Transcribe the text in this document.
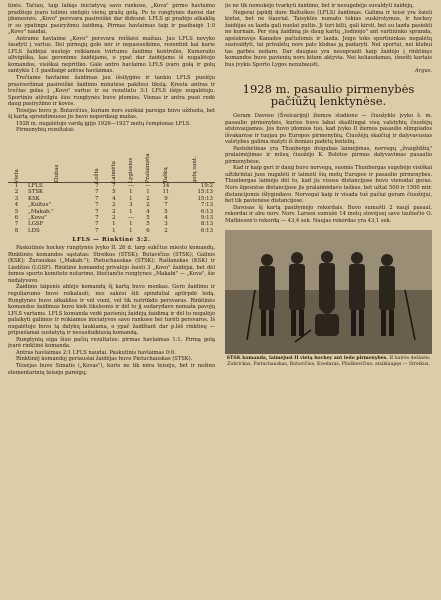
tinės. Tačiau, taip laikęs iniciatyvą savo rankose, „Kova" pirmo havlaimo pradžioje įvaro tolimu smūgiu vienų gražų golą. Po to rungtynės darosi dar įdomesnės. „Kovo" persvara pasireiškė dar didesnė. LFLS gi pradėjo atkaklią ir su ypatingu pasiryžimu žaidimą. Pirmas havlaimas taip ir pasibaigė 1:0 „Kovo" naudai.

Antrame havlaime „Kovo" persvara reiškėsi mažiau. Jau LFLS nevyko šaudyti į vartus. Del pirmųjų golo nėr ir nepasiseikimo, rezentint kai kurie LFLS žaidėjai nustojo reikiamos tvirtumo žaidimo kontrolės. Kumoraito altvigiška, kas gerenimo žaidėjams, o ypač dar žaidėjams iš nugalėtojo komandos, visiškai nepritiko. Gale antro havlaimo LFLS įvaro golą ir golų santykis 1:1 pasibaigė antras havlaimas.

Trečiame havlaime žaidimas jau išsilygino ir tankiu LFLS puolėju prasiveržimai pasireiškė žaidimo minutėse pakitėsi tikslą. Kresta antras ir trečias golas į „Kovo" vartus ir su rezultatu 3:1 LFLS išėjo nugalėtoju. Sportiniu atžvilgiu šios rungtynės buvo įdomios. Vienas ir antra pusė rodė daug pasiryžimo ir kovos.

Teisėjas buvo p. Butavičius, kuriam nors sunkiai pareigu buvo užduota, bet šį kartą sprendimuose jis buvo neperdaug mažas.

1928 m. nugalėtojo vardą įgijo 1926—1927 metų čempionas LFLS.

Pirmenybių rezultatai:

Vieta	Klubas	Lošta	Laimėta	Lygiosios	Pralaimėta	Taškų	golų sant.
1	LFLS	7	7	—	—	14	19:2
2	STSK	7	5	1	1	11	15:13
3	KSK	7	4	1	2	9	15:13
4	„Kultus"	7	2	3	2	7	7:13
5	„Makab."	7	2	1	4	5	6:13
6	„Kova"	7	2	—	5	4	9:13
7	LGSF	7	1	1	5	3	8:13
8	LDS	7	1	1	6	2	6:13
LFLS — Rinktinė 3:2.

Paskutinės hockey rungtynės įvyko II. 26 d. tarp sukčtus miesto komandų. Rinktinės komandos sąstatas: Streikus (STSK); Butavičius (STSK); Galinis (KSK); Žurauskas („Makab."); Pietuchauskas (STSK); Rašlanskas (KSK) ir Liedžius (LGSF). Rinktinė komandoj privalėjo žaisti 3 „Kovo" žaidėjai, bet dėl žemos sporto komiteto nutarimo, litečiančio rungtynes „Makabi" — „Kova", šie nedalyvavo.

Žaidimo laipsnis ablėjo komandų šį kartą buvo menkas. Gero žaidimo ir reguliarumo buvo reikalauti, nes sakėsi šili spindulial aptirpdė ledą. Rungtynės buvo atkaklios ir vėl vienl, vel tik nutrūkdo persvaras. Rinktinės komandos žaidimas buvo kiek tikslesnis ir dėl to jį sudarydavo nemaža pavojų LFLS vartams. LFLS komanda vedė pavienių žaidėjų žaidimą ir dėl to negalėjo palaikyti galimos ir reikiamos iniciatyvos savo rankose bei turėti persvaros. Iš nugalėtojo buvo tą dalykų laukiama, o ypač žaidžiant dar p.lėš rinktinę — pripuolamai sustatytą ir nesusitaikiusią komandą.

Rungtynių eiga šiuo pačių rezultatus: pirmas havlaimas 1:1. Pirmą golą įvarė rinktinė komanda.

Antras havlaimas 2:1 LFLS naudai. Paskutinis havlaimas 0:0.

Rinktinėj komandoj geriausiai žaidėjas buvo Pietuchauskas (STSK).

Teisėjas buvo Simatis („Kovas"), kuris ne tik nėra teisėju, bet ir nežino elementarinių teisėjo pareigų;

jis ne tik nemokėjo tvarkyti žaidimo, bet ir nesugebėjo suvaldyti žaidėjų.

Negerai įspūdį dare Baltuškos (LFLS) žaidimas. Galima ir teisė yra žaisti kietai, bet ne šiaurial. Taisyklės numato tokius suskirstymus, ir hockey žaidėjas su lazda gali nuolat pultis. Ji turi kilti, gali kirsti, bet su lazda pasiekti ne kurnam. Per visą žaidimą jis daug kartų „lodinėjo" ant vartininko spranda, apsiskravęs Kanados pačiulomis ir lazda. Jeigo toks sportininkas negalėtų susivaldyti, tai privalėtų nors pats klubas ją padaryti. Nel sportui, nei klubui tas garbės nedaro. Dar daugiau yra nesupranti kaip žaidėjo į rinktinęs komandos buvo pavienių nors kitam aktyvia. Nei keliaudamas, išnešti kartais bus įvykis Sporto Lygos nenubausti.

Argus.

1928 m. pasaulio pirmenybės
pačiūžų lenktynėse.

Geram Davoso (Šveicarijoj) žiemos stadione — čiuožyklo įvyko š. m. pasaulio pirmenybės, kurios buvo labai skaitlingai visų valstybių čiuožėjų atstovaujamos. Jos buvo įdomios tuo, kad įvyko II žiemos pasaulio olimpiados išvakarėse ir tuojau po Europos pirmenybių. Čiuožėjų skaičiuj ir dalyvavusias valstybes galima matyti iš žemiau padėtų lentelių.

Pastebėtinas yra Thunbergo dvigubas laimėjimas, norvegų „žvaigždžių" pralaimėjimas ir mūsų čiuožėjo K. Bolotos pirmas dalyvavimas pasaulio pirmenybėse.

Kad ir kaip geri ir daug buvo norvegų, suomis Thunbergas sugebėjo visiškai užtikrintai juos nugalėti ir laimėti šių metų Europos ir pasaulio pirmenybes. Thunbergas laimėjo dėl to, kad jis visose distancijose buvo vienodai geras. Nors ilgesnėse distancijose jis pralaimėdavo taškus, bet užtat 500 ir 1500 mtr. distancijomis išlygindavo. Norvegai kaip ir visada tuš pačiai geram čiuožėjui, bet tik pavienėse distancijose.

Davosas šį kartą pasižymėjo rekordais. Buvo sumušti 2 naují pasaul. rekordai ir abu norv. Norv. Larsen sumušė 14 metų stovėjusį savo tautiečio O. Mathiesen'o rekordą — 43,4 sek. Naujas rekordas yra 43,1 sek.

STSK komanda, laimėjusi II vietą hockey ant ledo pirmenybės. Iš kairės dešinėn: Zubrickas, Pietuchauskas, Butavičius, Kvedaras, Pliuškevičius; atsiklaupęs — Streikus.
